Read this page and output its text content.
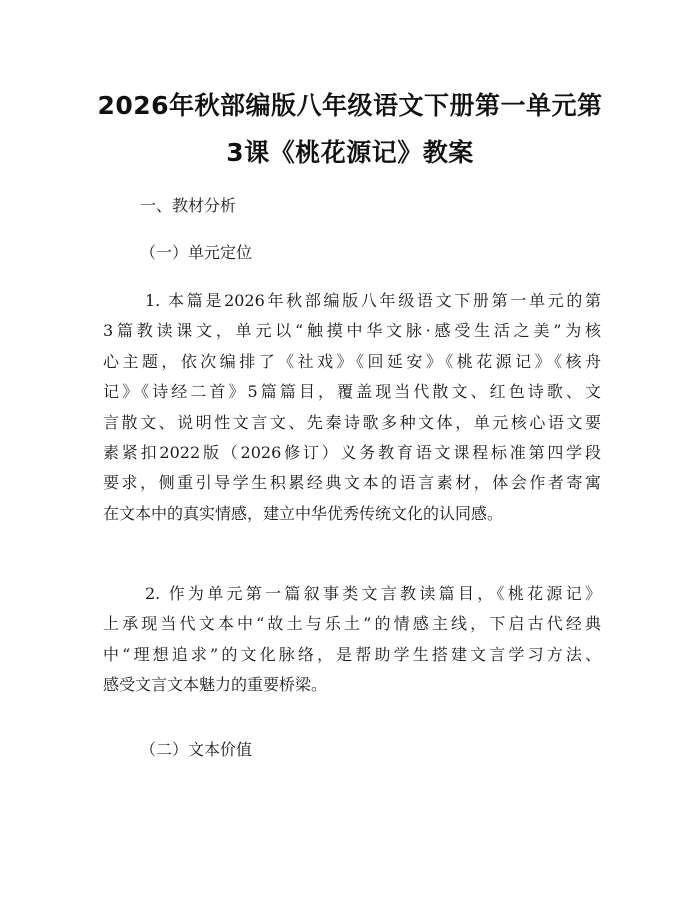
2026年秋部编版八年级语文下册第一单元第
3课《桃花源记》教案

一、教材分析

（一）单元定位

1. 本篇是2026年秋部编版八年级语文下册第一单元的第
3篇教读课文，单元以“触摸中华文脉·感受生活之美”为核
心主题，依次编排了《社戏》《回延安》《桃花源记》《核舟
记》《诗经二首》5篇篇目，覆盖现当代散文、红色诗歌、文
言散文、说明性文言文、先秦诗歌多种文体，单元核心语文要
素紧扣2022版（2026修订）义务教育语文课程标准第四学段
要求，侧重引导学生积累经典文本的语言素材，体会作者寄寓
在文本中的真实情感，建立中华优秀传统文化的认同感。
2. 作为单元第一篇叙事类文言教读篇目，《桃花源记》
上承现当代文本中“故土与乐土”的情感主线，下启古代经典
中“理想追求”的文化脉络，是帮助学生搭建文言学习方法、
感受文言文本魅力的重要桥梁。

（二）文本价值
